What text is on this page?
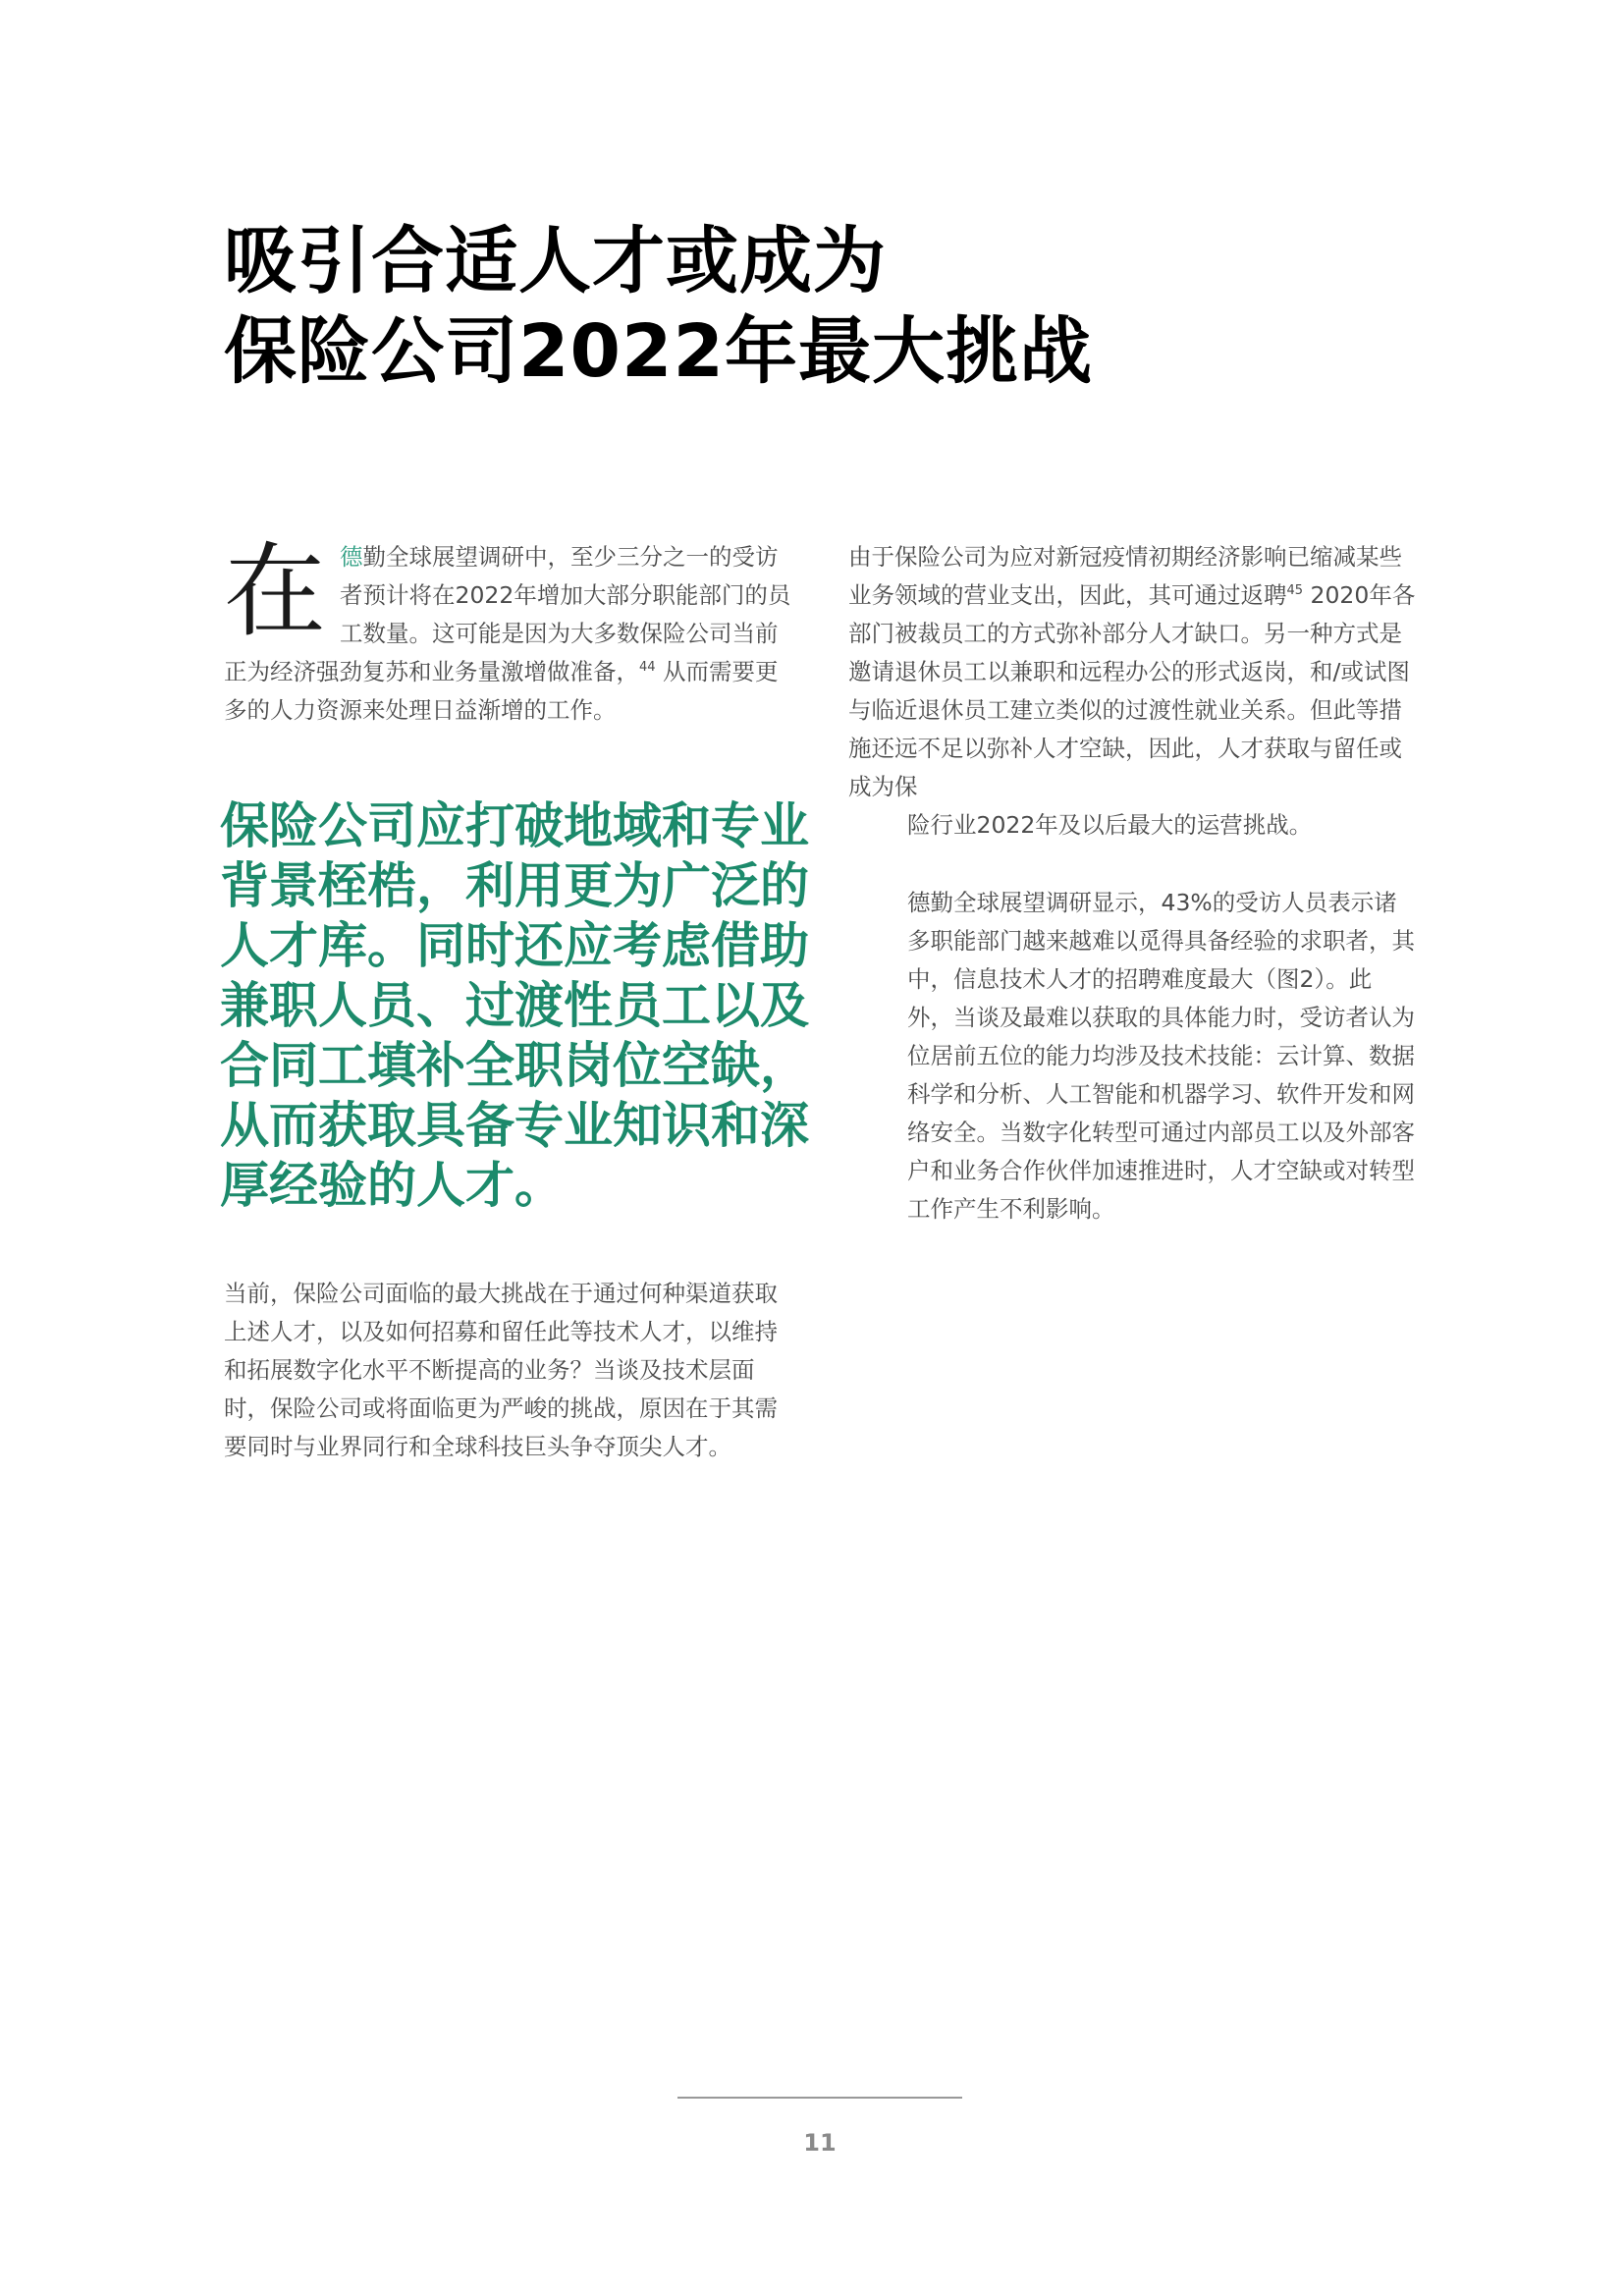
吸引合适人才或成为
保险公司2022年最大挑战
在 德勤全球展望调研中，至少三分之一的受访者预计将在2022年增加大部分职能部门的员工数量。这可能是因为大多数保险公司当前正为经济强劲复苏和业务量激增做准备，$^{44}$ 从而需要更多的人力资源来处理日益渐增的工作。

保险公司应打破地域和专业背景桎梏，利用更为广泛的人才库。同时还应考虑借助兼职人员、过渡性员工以及合同工填补全职岗位空缺，从而获取具备专业知识和深厚经验的人才。

当前，保险公司面临的最大挑战在于通过何种渠道获取上述人才，以及如何招募和留任此等技术人才，以维持和拓展数字化水平不断提高的业务？当谈及技术层面时，保险公司或将面临更为严峻的挑战，原因在于其需要同时与业界同行和全球科技巨头争夺顶尖人才。

由于保险公司为应对新冠疫情初期经济影响已缩减某些业务领域的营业支出，因此，其可通过返聘$^{45}$ 2020年各部门被裁员工的方式弥补部分人才缺口。另一种方式是邀请退休员工以兼职和远程办公的形式返岗，和/或试图与临近退休员工建立类似的过渡性就业关系。但此等措施还远不足以弥补人才空缺，因此，人才获取与留任或成为保
险行业2022年及以后最大的运营挑战。

德勤全球展望调研显示，43%的受访人员表示诸多职能部门越来越难以觅得具备经验的求职者，其中，信息技术人才的招聘难度最大（图2）。此外，当谈及最难以获取的具体能力时，受访者认为位居前五位的能力均涉及技术技能：云计算、数据科学和分析、人工智能和机器学习、软件开发和网络安全。当数字化转型可通过内部员工以及外部客户和业务合作伙伴加速推进时，人才空缺或对转型工作产生不利影响。

11
